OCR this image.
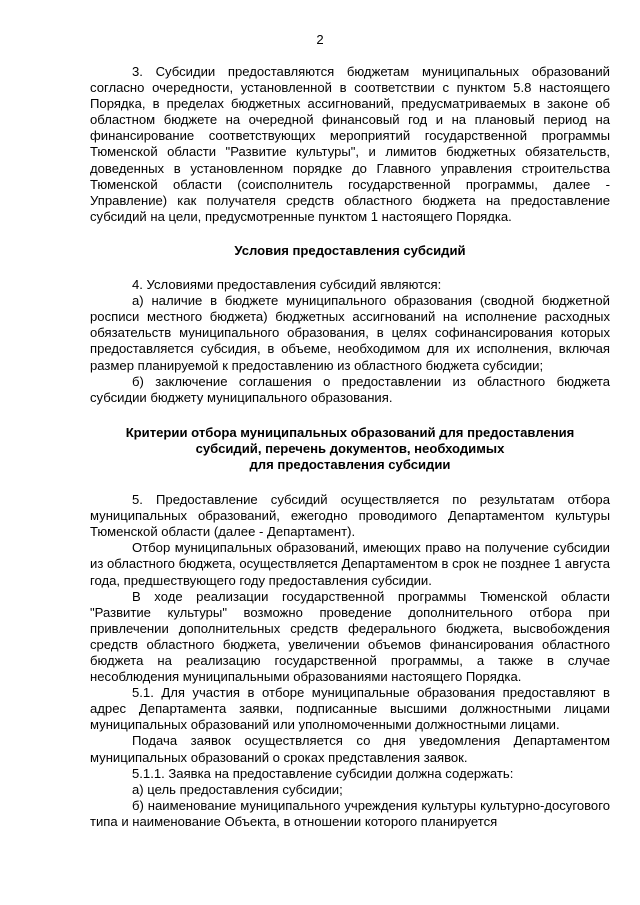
2

3. Субсидии предоставляются бюджетам муниципальных образований согласно очередности, установленной в соответствии с пунктом 5.8 настоящего Порядка, в пределах бюджетных ассигнований, предусматриваемых в законе об областном бюджете на очередной финансовый год и на плановый период на финансирование соответствующих мероприятий государственной программы Тюменской области "Развитие культуры", и лимитов бюджетных обязательств, доведенных в установленном порядке до Главного управления строительства Тюменской области (соисполнитель государственной программы, далее - Управление) как получателя средств областного бюджета на предоставление субсидий на цели, предусмотренные пунктом 1 настоящего Порядка.

Условия предоставления субсидий

4. Условиями предоставления субсидий являются:

а) наличие в бюджете муниципального образования (сводной бюджетной росписи местного бюджета) бюджетных ассигнований на исполнение расходных обязательств муниципального образования, в целях софинансирования которых предоставляется субсидия, в объеме, необходимом для их исполнения, включая размер планируемой к предоставлению из областного бюджета субсидии;

б) заключение соглашения о предоставлении из областного бюджета субсидии бюджету муниципального образования.

Критерии отбора муниципальных образований для предоставления
субсидий, перечень документов, необходимых
для предоставления субсидии

5. Предоставление субсидий осуществляется по результатам отбора муниципальных образований, ежегодно проводимого Департаментом культуры Тюменской области (далее - Департамент).

Отбор муниципальных образований, имеющих право на получение субсидии из областного бюджета, осуществляется Департаментом в срок не позднее 1 августа года, предшествующего году предоставления субсидии.

В ходе реализации государственной программы Тюменской области "Развитие культуры" возможно проведение дополнительного отбора при привлечении дополнительных средств федерального бюджета, высвобождения средств областного бюджета, увеличении объемов финансирования областного бюджета на реализацию государственной программы, а также в случае несоблюдения муниципальными образованиями настоящего Порядка.

5.1. Для участия в отборе муниципальные образования предоставляют в адрес Департамента заявки, подписанные высшими должностными лицами муниципальных образований или уполномоченными должностными лицами.

Подача заявок осуществляется со дня уведомления Департаментом муниципальных образований о сроках представления заявок.

5.1.1. Заявка на предоставление субсидии должна содержать:

а) цель предоставления субсидии;

б) наименование муниципального учреждения культуры культурно-досугового типа и наименование Объекта, в отношении которого планируется
